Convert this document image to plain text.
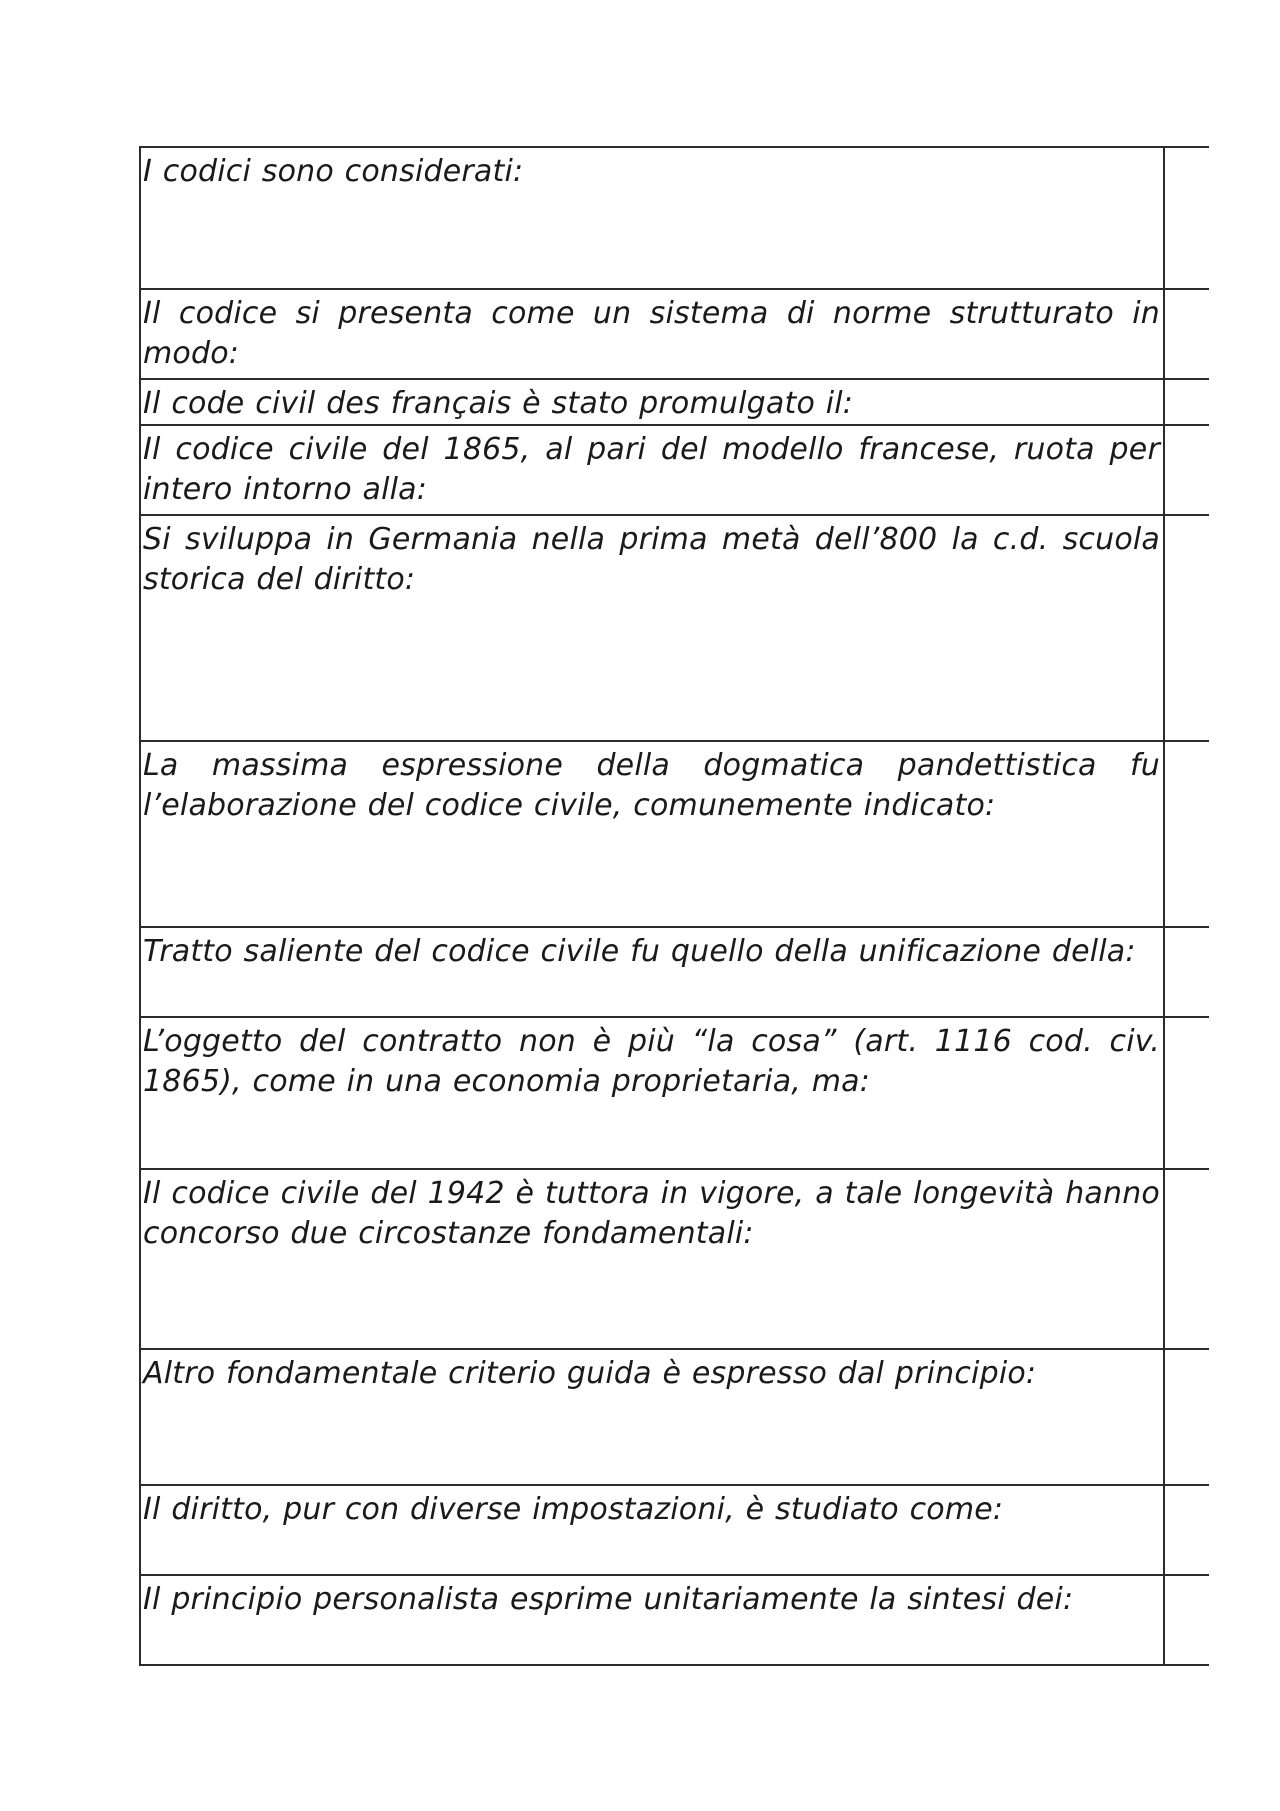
I codici sono considerati:	

Il codice si presenta come un sistema di norme strutturato in modo:	

Il code civil des français è stato promulgato il:	

Il codice civile del 1865, al pari del modello francese, ruota per intero intorno alla:	

Si sviluppa in Germania nella prima metà dell’800 la c.d. scuola storica del diritto:	

La massima espressione della dogmatica pandettistica fu l’elaborazione del codice civile, comunemente indicato:	

Tratto saliente del codice civile fu quello della unificazione della:	

L’oggetto del contratto non è più “la cosa” (art. 1116 cod. civ. 1865), come in una economia proprietaria, ma:	

Il codice civile del 1942 è tuttora in vigore, a tale longevità hanno concorso due circostanze fondamentali:	

Altro fondamentale criterio guida è espresso dal principio:	

Il diritto, pur con diverse impostazioni, è studiato come:	

Il principio personalista esprime unitariamente la sintesi dei:	
